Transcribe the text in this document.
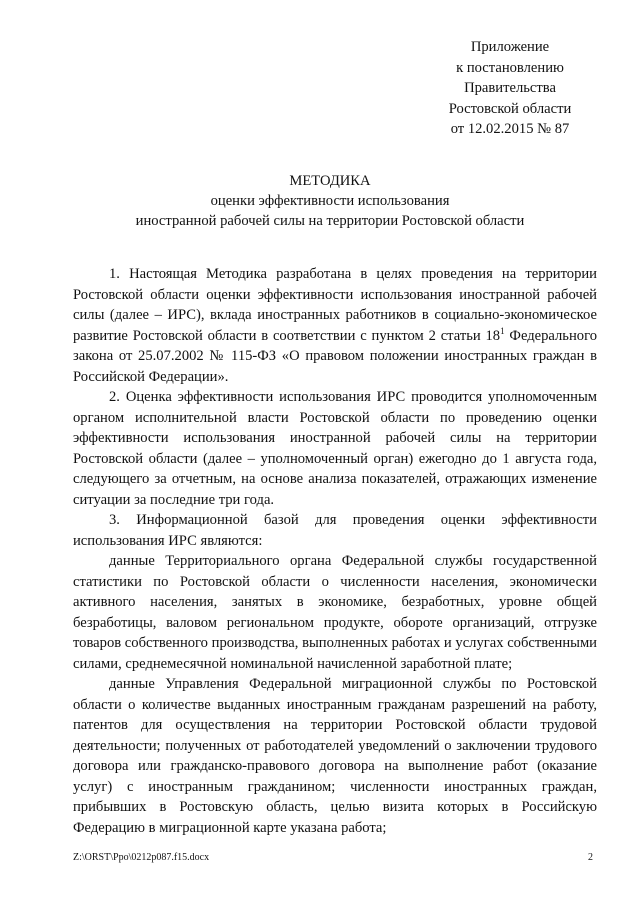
Приложение
к постановлению
Правительства
Ростовской области
от 12.02.2015 № 87
МЕТОДИКА
оценки эффективности использования
иностранной рабочей силы на территории Ростовской области

1. Настоящая Методика разработана в целях проведения на территории Ростовской области оценки эффективности использования иностранной рабочей силы (далее – ИРС), вклада иностранных работников в социально-экономическое развитие Ростовской области в соответствии с пунктом 2 статьи $18^1$ Федерального закона от 25.07.2002 № 115-ФЗ «О правовом положении иностранных граждан в Российской Федерации».

2. Оценка эффективности использования ИРС проводится уполномоченным органом исполнительной власти Ростовской области по проведению оценки эффективности использования иностранной рабочей силы на территории Ростовской области (далее – уполномоченный орган) ежегодно до 1 августа года, следующего за отчетным, на основе анализа показателей, отражающих изменение ситуации за последние три года.

3. Информационной базой для проведения оценки эффективности использования ИРС являются:

данные Территориального органа Федеральной службы государственной статистики по Ростовской области о численности населения, экономически активного населения, занятых в экономике, безработных, уровне общей безработицы, валовом региональном продукте, обороте организаций, отгрузке товаров собственного производства, выполненных работах и услугах собственными силами, среднемесячной номинальной начисленной заработной плате;

данные Управления Федеральной миграционной службы по Ростовской области о количестве выданных иностранным гражданам разрешений на работу, патентов для осуществления на территории Ростовской области трудовой деятельности; полученных от работодателей уведомлений о заключении трудового договора или гражданско-правового договора на выполнение работ (оказание услуг) с иностранным гражданином; численности иностранных граждан, прибывших в Ростовскую область, целью визита которых в Российскую Федерацию в миграционной карте указана работа;

Z:\ORST\Ppo\0212p087.f15.docx	2
